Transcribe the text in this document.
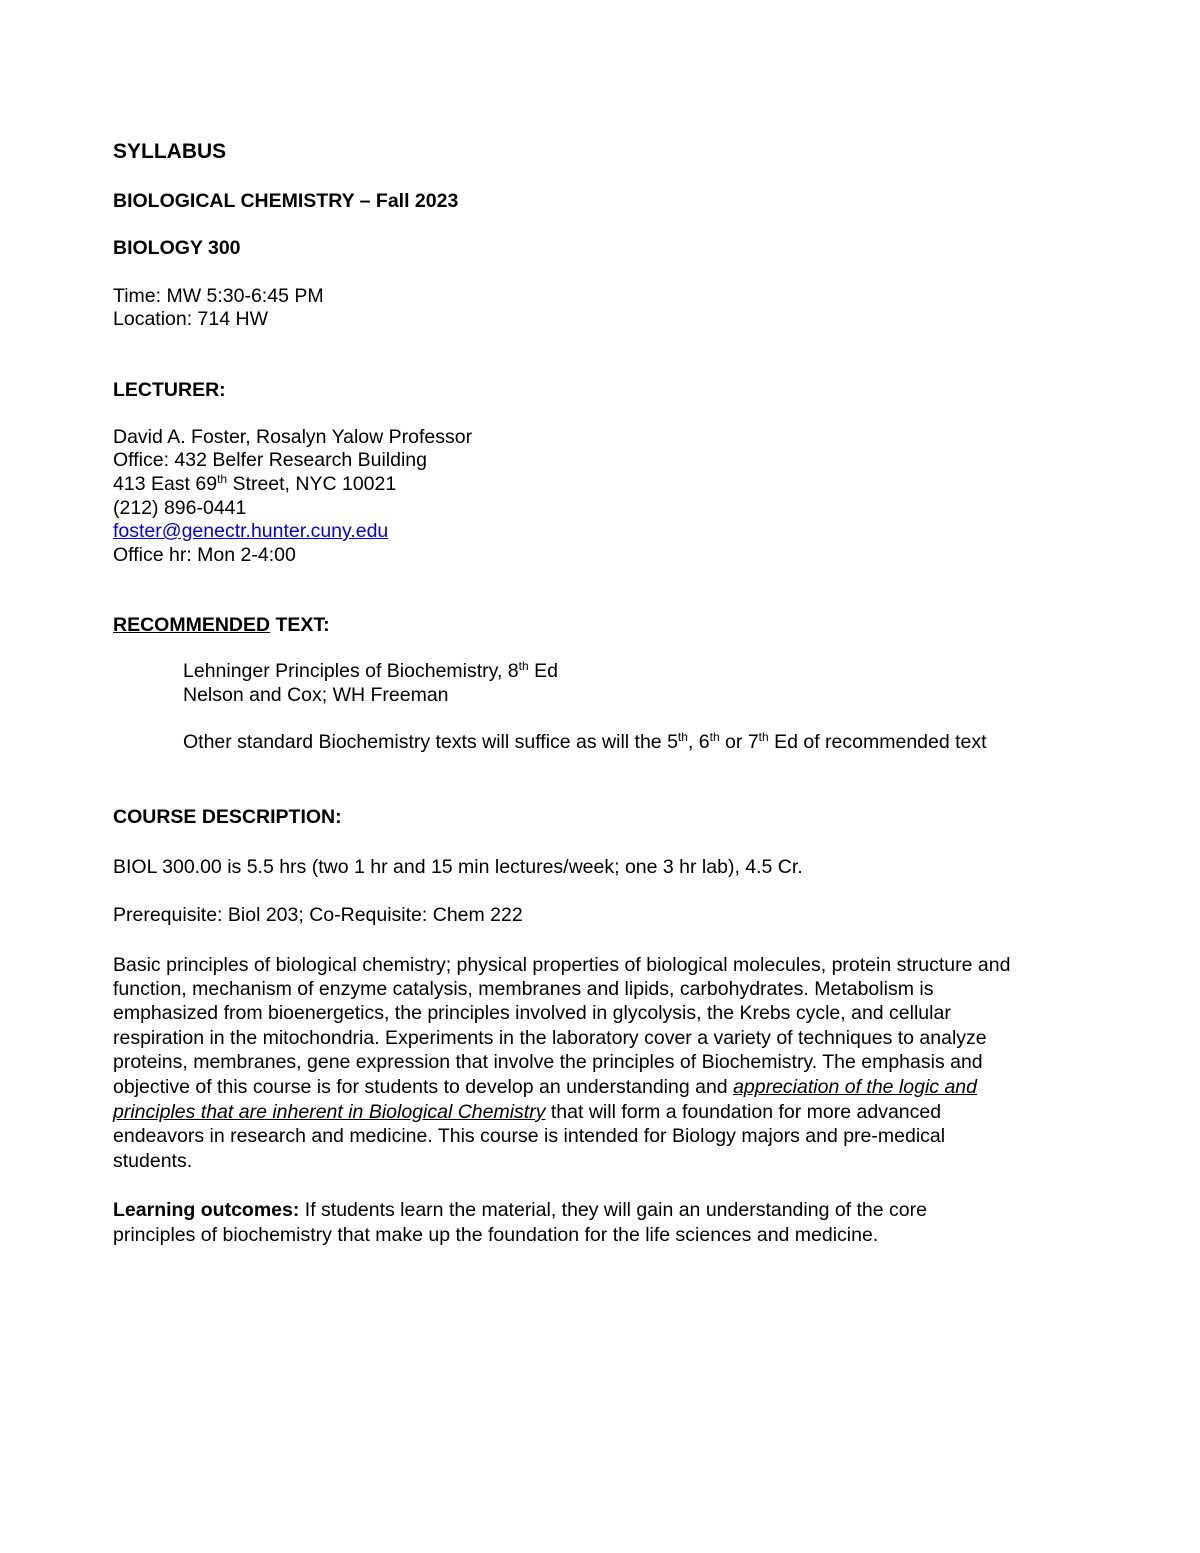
SYLLABUS
BIOLOGICAL CHEMISTRY – Fall 2023
BIOLOGY 300
Time: MW 5:30-6:45 PM
Location: 714 HW
LECTURER:
David A. Foster, Rosalyn Yalow Professor
Office: 432 Belfer Research Building
413 East 69th Street, NYC 10021
(212) 896-0441
foster@genectr.hunter.cuny.edu
Office hr: Mon 2-4:00
RECOMMENDED TEXT:
Lehninger Principles of Biochemistry, 8th Ed
Nelson and Cox; WH Freeman
Other standard Biochemistry texts will suffice as will the 5th, 6th or 7th Ed of recommended text
COURSE DESCRIPTION:
BIOL 300.00 is 5.5 hrs (two 1 hr and 15 min lectures/week; one 3 hr lab), 4.5 Cr.
Prerequisite: Biol 203; Co-Requisite: Chem 222
Basic principles of biological chemistry; physical properties of biological molecules, protein structure and
function, mechanism of enzyme catalysis, membranes and lipids, carbohydrates. Metabolism is
emphasized from bioenergetics, the principles involved in glycolysis, the Krebs cycle, and cellular
respiration in the mitochondria. Experiments in the laboratory cover a variety of techniques to analyze
proteins, membranes, gene expression that involve the principles of Biochemistry. The emphasis and
objective of this course is for students to develop an understanding and appreciation of the logic and
principles that are inherent in Biological Chemistry that will form a foundation for more advanced
endeavors in research and medicine. This course is intended for Biology majors and pre-medical
students.
Learning outcomes: If students learn the material, they will gain an understanding of the core
principles of biochemistry that make up the foundation for the life sciences and medicine.
